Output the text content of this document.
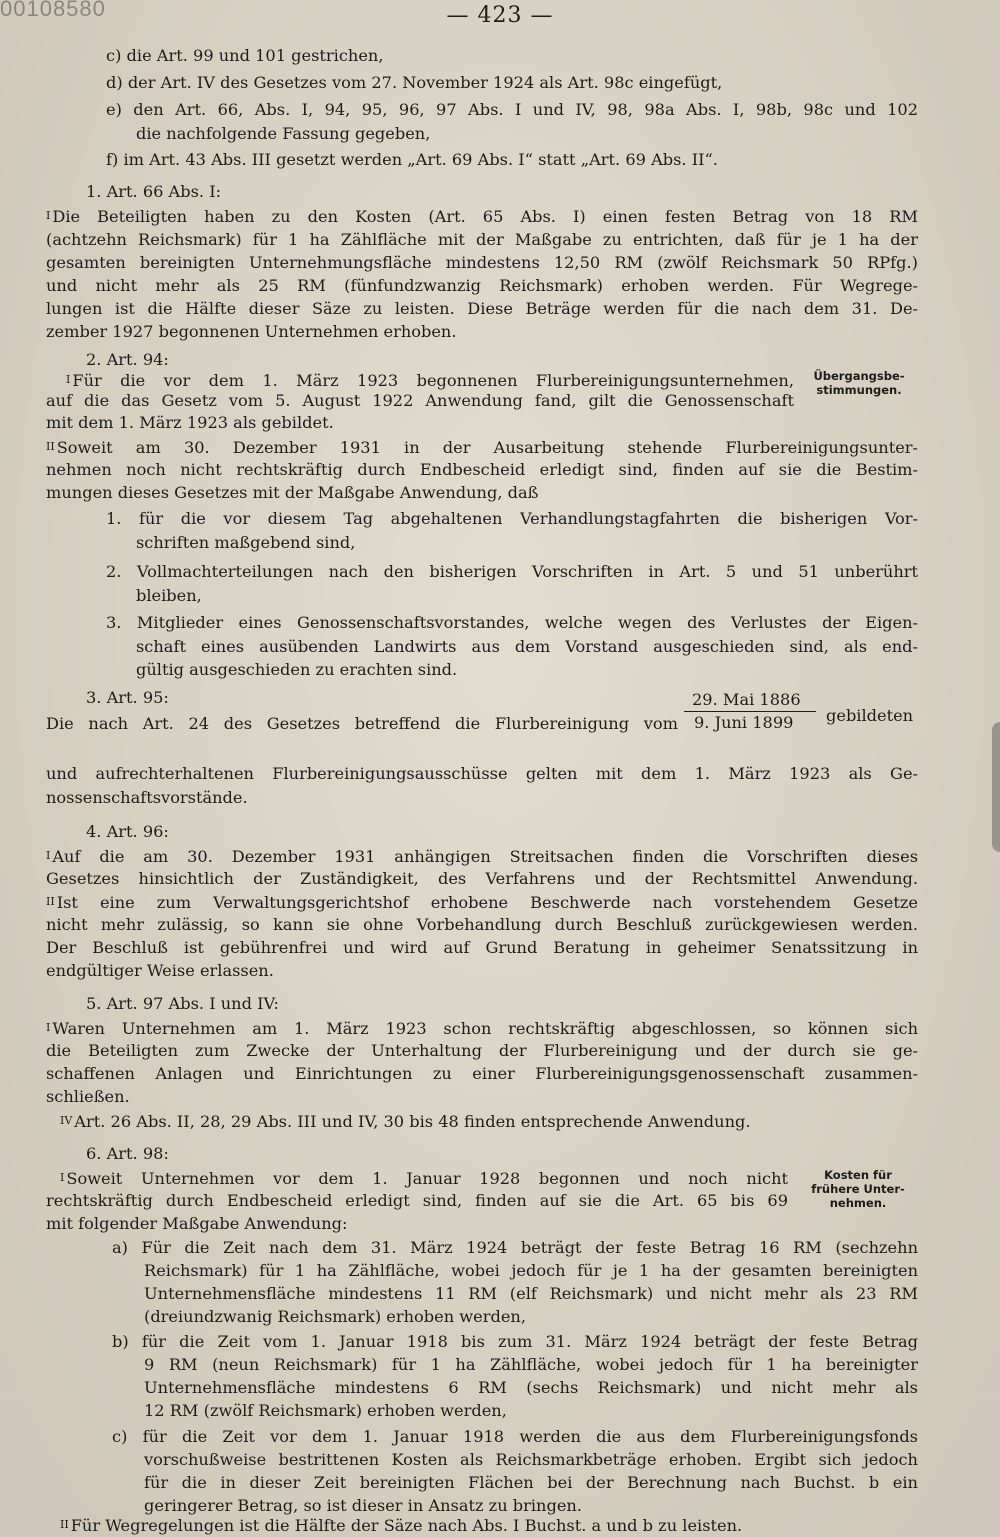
00108580	— 423 —
c) die Art. 99 und 101 gestrichen,
d) der Art. IV des Gesetzes vom 27. November 1924 als Art. 98c eingefügt,
e) den Art. 66, Abs. I, 94, 95, 96, 97 Abs. I und IV, 98, 98a Abs. I, 98b, 98c und 102
die nachfolgende Fassung gegeben,
f) im Art. 43 Abs. III gesetzt werden „Art. 69 Abs. I“ statt „Art. 69 Abs. II“.
1. Art. 66 Abs. I:
I Die Beteiligten haben zu den Kosten (Art. 65 Abs. I) einen festen Betrag von 18 RM
(achtzehn Reichsmark) für 1 ha Zählfläche mit der Maßgabe zu entrichten, daß für je 1 ha der
gesamten bereinigten Unternehmungsfläche mindestens 12,50 RM (zwölf Reichsmark 50 RPfg.)
und nicht mehr als 25 RM (fünfundzwanzig Reichsmark) erhoben werden. Für Wegrege-
lungen ist die Hälfte dieser Säze zu leisten. Diese Beträge werden für die nach dem 31. De-
zember 1927 begonnenen Unternehmen erhoben.
2. Art. 94:
I Für die vor dem 1. März 1923 begonnenen Flurbereinigungsunternehmen,
auf die das Gesetz vom 5. August 1922 Anwendung fand, gilt die Genossenschaft
mit dem 1. März 1923 als gebildet.
Übergangsbe-
stimmungen.
II Soweit am 30. Dezember 1931 in der Ausarbeitung stehende Flurbereinigungsunter-
nehmen noch nicht rechtskräftig durch Endbescheid erledigt sind, finden auf sie die Bestim-
mungen dieses Gesetzes mit der Maßgabe Anwendung, daß
1. für die vor diesem Tag abgehaltenen Verhandlungstagfahrten die bisherigen Vor-
schriften maßgebend sind,
2. Vollmachterteilungen nach den bisherigen Vorschriften in Art. 5 und 51 unberührt
bleiben,
3. Mitglieder eines Genossenschaftsvorstandes, welche wegen des Verlustes der Eigen-
schaft eines ausübenden Landwirts aus dem Vorstand ausgeschieden sind, als end-
gültig ausgeschieden zu erachten sind.
3. Art. 95:
Die nach Art. 24 des Gesetzes betreffend die Flurbereinigung vom
29. Mai 1886
9. Juni 1899 gebildeten
und aufrechterhaltenen Flurbereinigungsausschüsse gelten mit dem 1. März 1923 als Ge-
nossenschaftsvorstände.
4. Art. 96:
I Auf die am 30. Dezember 1931 anhängigen Streitsachen finden die Vorschriften dieses
Gesetzes hinsichtlich der Zuständigkeit, des Verfahrens und der Rechtsmittel Anwendung.
II Ist eine zum Verwaltungsgerichtshof erhobene Beschwerde nach vorstehendem Gesetze
nicht mehr zulässig, so kann sie ohne Vorbehandlung durch Beschluß zurückgewiesen werden.
Der Beschluß ist gebührenfrei und wird auf Grund Beratung in geheimer Senatssitzung in
endgültiger Weise erlassen.
5. Art. 97 Abs. I und IV:
I Waren Unternehmen am 1. März 1923 schon rechtskräftig abgeschlossen, so können sich
die Beteiligten zum Zwecke der Unterhaltung der Flurbereinigung und der durch sie ge-
schaffenen Anlagen und Einrichtungen zu einer Flurbereinigungsgenossenschaft zusammen-
schließen.
IV Art. 26 Abs. II, 28, 29 Abs. III und IV, 30 bis 48 finden entsprechende Anwendung.
6. Art. 98:
I Soweit Unternehmen vor dem 1. Januar 1928 begonnen und noch nicht
rechtskräftig durch Endbescheid erledigt sind, finden auf sie die Art. 65 bis 69
mit folgender Maßgabe Anwendung:
Kosten für
frühere Unter-
nehmen.
a) Für die Zeit nach dem 31. März 1924 beträgt der feste Betrag 16 RM (sechzehn
Reichsmark) für 1 ha Zählfläche, wobei jedoch für je 1 ha der gesamten bereinigten
Unternehmensfläche mindestens 11 RM (elf Reichsmark) und nicht mehr als 23 RM
(dreiundzwanig Reichsmark) erhoben werden,
b) für die Zeit vom 1. Januar 1918 bis zum 31. März 1924 beträgt der feste Betrag
9 RM (neun Reichsmark) für 1 ha Zählfläche, wobei jedoch für 1 ha bereinigter
Unternehmensfläche mindestens 6 RM (sechs Reichsmark) und nicht mehr als
12 RM (zwölf Reichsmark) erhoben werden,
c) für die Zeit vor dem 1. Januar 1918 werden die aus dem Flurbereinigungsfonds
vorschußweise bestrittenen Kosten als Reichsmarkbeträge erhoben. Ergibt sich jedoch
für die in dieser Zeit bereinigten Flächen bei der Berechnung nach Buchst. b ein
geringerer Betrag, so ist dieser in Ansatz zu bringen.
II Für Wegregelungen ist die Hälfte der Säze nach Abs. I Buchst. a und b zu leisten.
